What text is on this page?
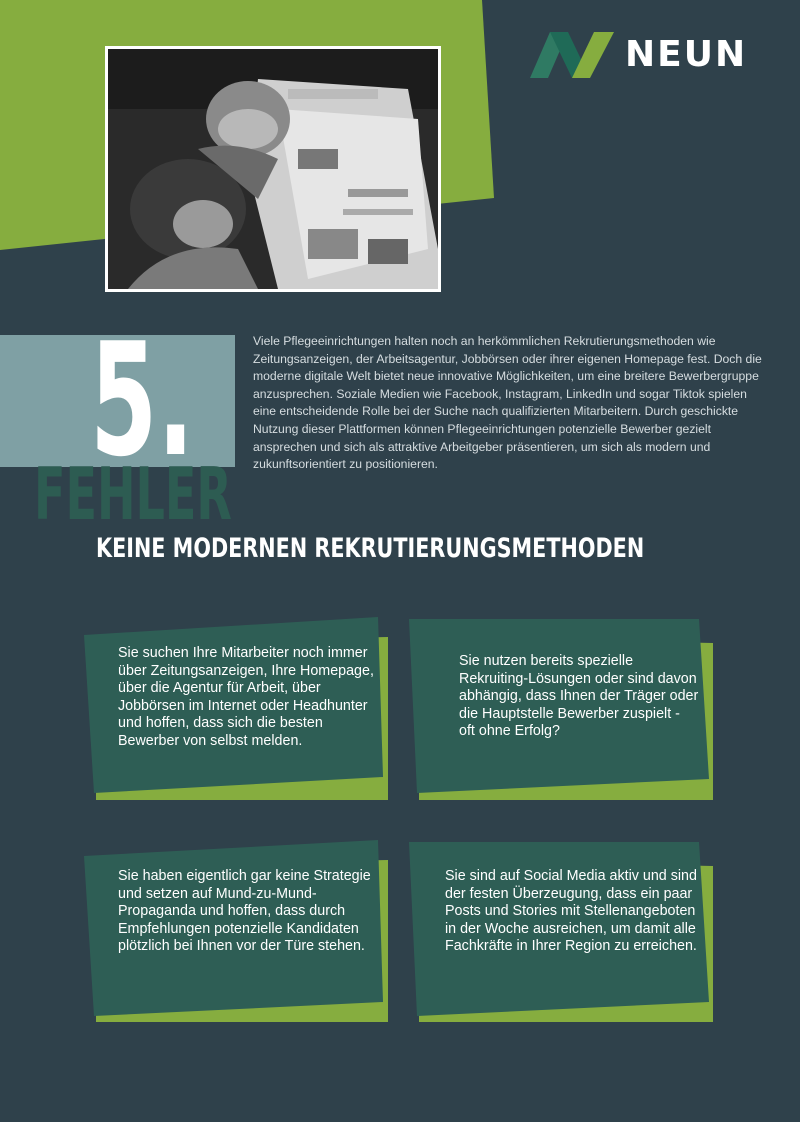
NEUN
5.
FEHLER

Viele Pflegeeinrichtungen halten noch an herkömmlichen Rekrutierungsmethoden wie Zeitungsanzeigen, der Arbeitsagentur, Jobbörsen oder ihrer eigenen Homepage fest. Doch die moderne digitale Welt bietet neue innovative Möglichkeiten, um eine breitere Bewerbergruppe anzusprechen. Soziale Medien wie Facebook, Instagram, LinkedIn und sogar Tiktok spielen eine entscheidende Rolle bei der Suche nach qualifizierten Mitarbeitern. Durch geschickte Nutzung dieser Plattformen können Pflegeeinrichtungen potenzielle Bewerber gezielt ansprechen und sich als attraktive Arbeitgeber präsentieren, um sich als modern und zukunftsorientiert zu positionieren.

KEINE MODERNEN REKRUTIERUNGSMETHODEN

Sie suchen Ihre Mitarbeiter noch immer über Zeitungsanzeigen, Ihre Homepage, über die Agentur für Arbeit, über Jobbörsen im Internet oder Headhunter und hoffen, dass sich die besten Bewerber von selbst melden.

Sie nutzen bereits spezielle Rekruiting-Lösungen oder sind davon abhängig, dass Ihnen der Träger oder die Hauptstelle Bewerber zuspielt - oft ohne Erfolg?

Sie haben eigentlich gar keine Strategie und setzen auf Mund-zu-Mund-Propaganda und hoffen, dass durch Empfehlungen potenzielle Kandidaten plötzlich bei Ihnen vor der Türe stehen.

Sie sind auf Social Media aktiv und sind der festen Überzeugung, dass ein paar Posts und Stories mit Stellenangeboten in der Woche ausreichen, um damit alle Fachkräfte in Ihrer Region zu erreichen.
